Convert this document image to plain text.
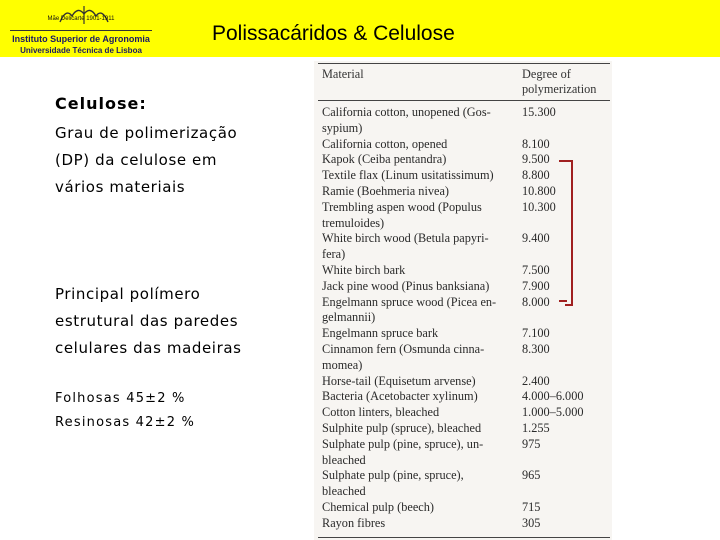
Mãe Delicarte 1901-1911
Instituto Superior de Agronomia
Universidade Técnica de Lisboa
Polissacáridos & Celulose
Celulose:
Grau de polimerização
(DP) da celulose em
vários materiais
Principal polímero
estrutural das paredes
celulares das madeiras
Folhosas 45±2 %
Resinosas 42±2 %
Material	Degree of
polymerization
California cotton, unopened (Gos-
sypium)
15.300
California cotton, opened	8.100
Kapok (Ceiba pentandra)	9.500
Textile flax (Linum usitatissimum) 8.800
Ramie (Boehmeria nivea)	10.800
Trembling aspen wood (Populus
tremuloides)
10.300
White birch wood (Betula papyri-
fera)
9.400
White birch bark	7.500
Jack pine wood (Pinus banksiana)	7.900
Engelmann spruce wood (Picea en-
gelmannii)
8.000
Engelmann spruce bark	7.100
Cinnamon fern (Osmunda cinna-
momea)
8.300
Horse-tail (Equisetum arvense)	2.400
Bacteria (Acetobacter xylinum)	4.000–6.000
Cotton linters, bleached	1.000–5.000
Sulphite pulp (spruce), bleached	1.255
Sulphate pulp (pine, spruce), un-
bleached
975
Sulphate pulp (pine, spruce),
bleached
965
Chemical pulp (beech)	715
Rayon fibres	305
